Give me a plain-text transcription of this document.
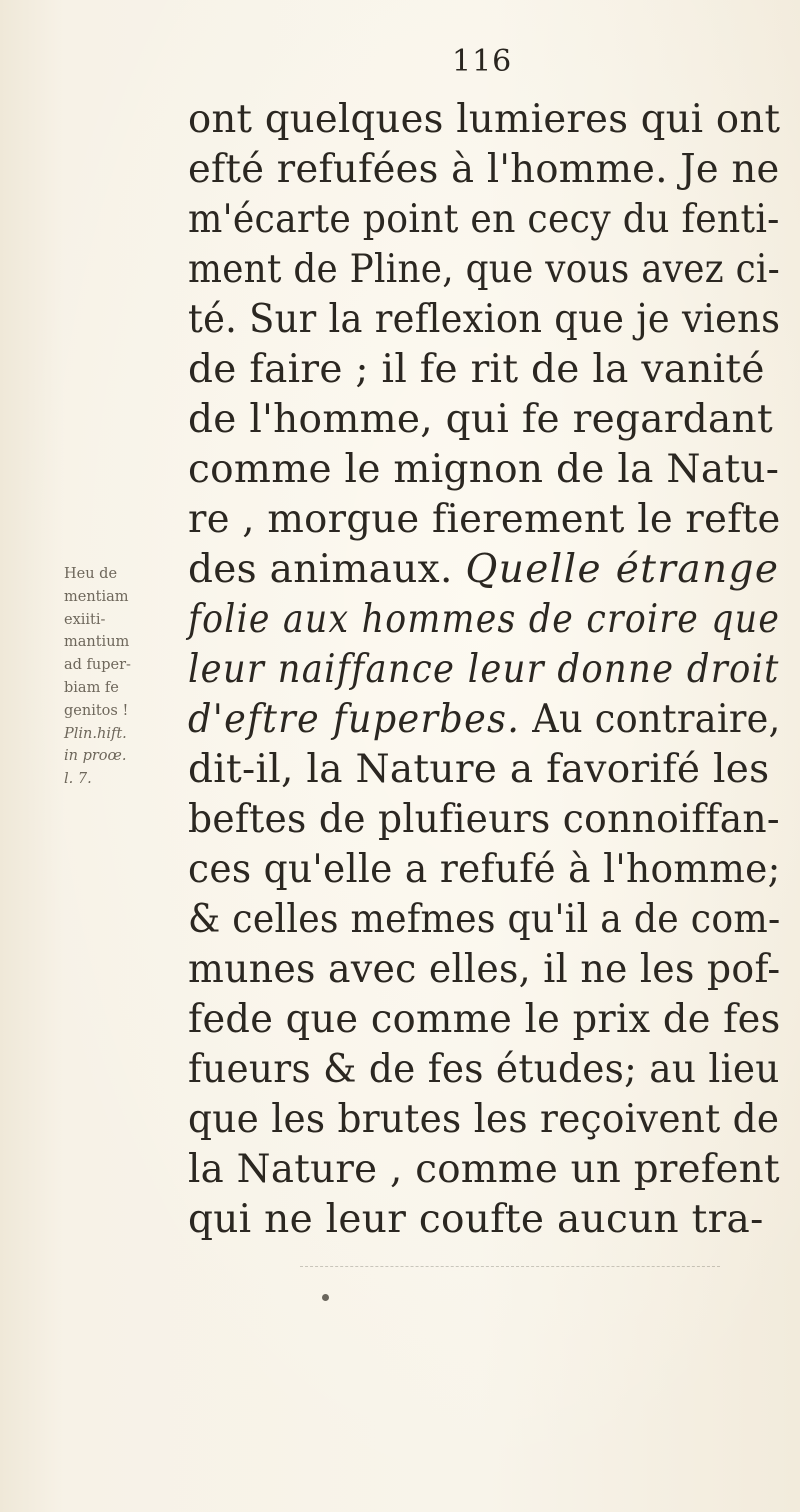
116
ont quelques lumieres qui ont
efté refufées à l'homme. Je ne
m'écarte point en cecy du fenti-
ment de Pline, que vous avez ci-
té. Sur la reflexion que je viens
de faire ; il fe rit de la vanité
de l'homme, qui fe regardant
comme le mignon de la Natu-
re , morgue fierement le refte
des animaux. Quelle étrange
folie aux hommes de croire que
leur naiffance leur donne droit
d'eftre fuperbes. Au contraire,
dit-il, la Nature a favorifé les
beftes de plufieurs connoiffan-
ces qu'elle a refufé à l'homme;
& celles mefmes qu'il a de com-
munes avec elles, il ne les pof-
fede que comme le prix de fes
fueurs & de fes études; au lieu
que les brutes les reçoivent de
la Nature , comme un prefent
qui ne leur coufte aucun tra-
Heu de
mentiam
exiiti-
mantium
ad fuper-
biam fe
genitos !
Plin.hift.
in proœ.
l. 7.
